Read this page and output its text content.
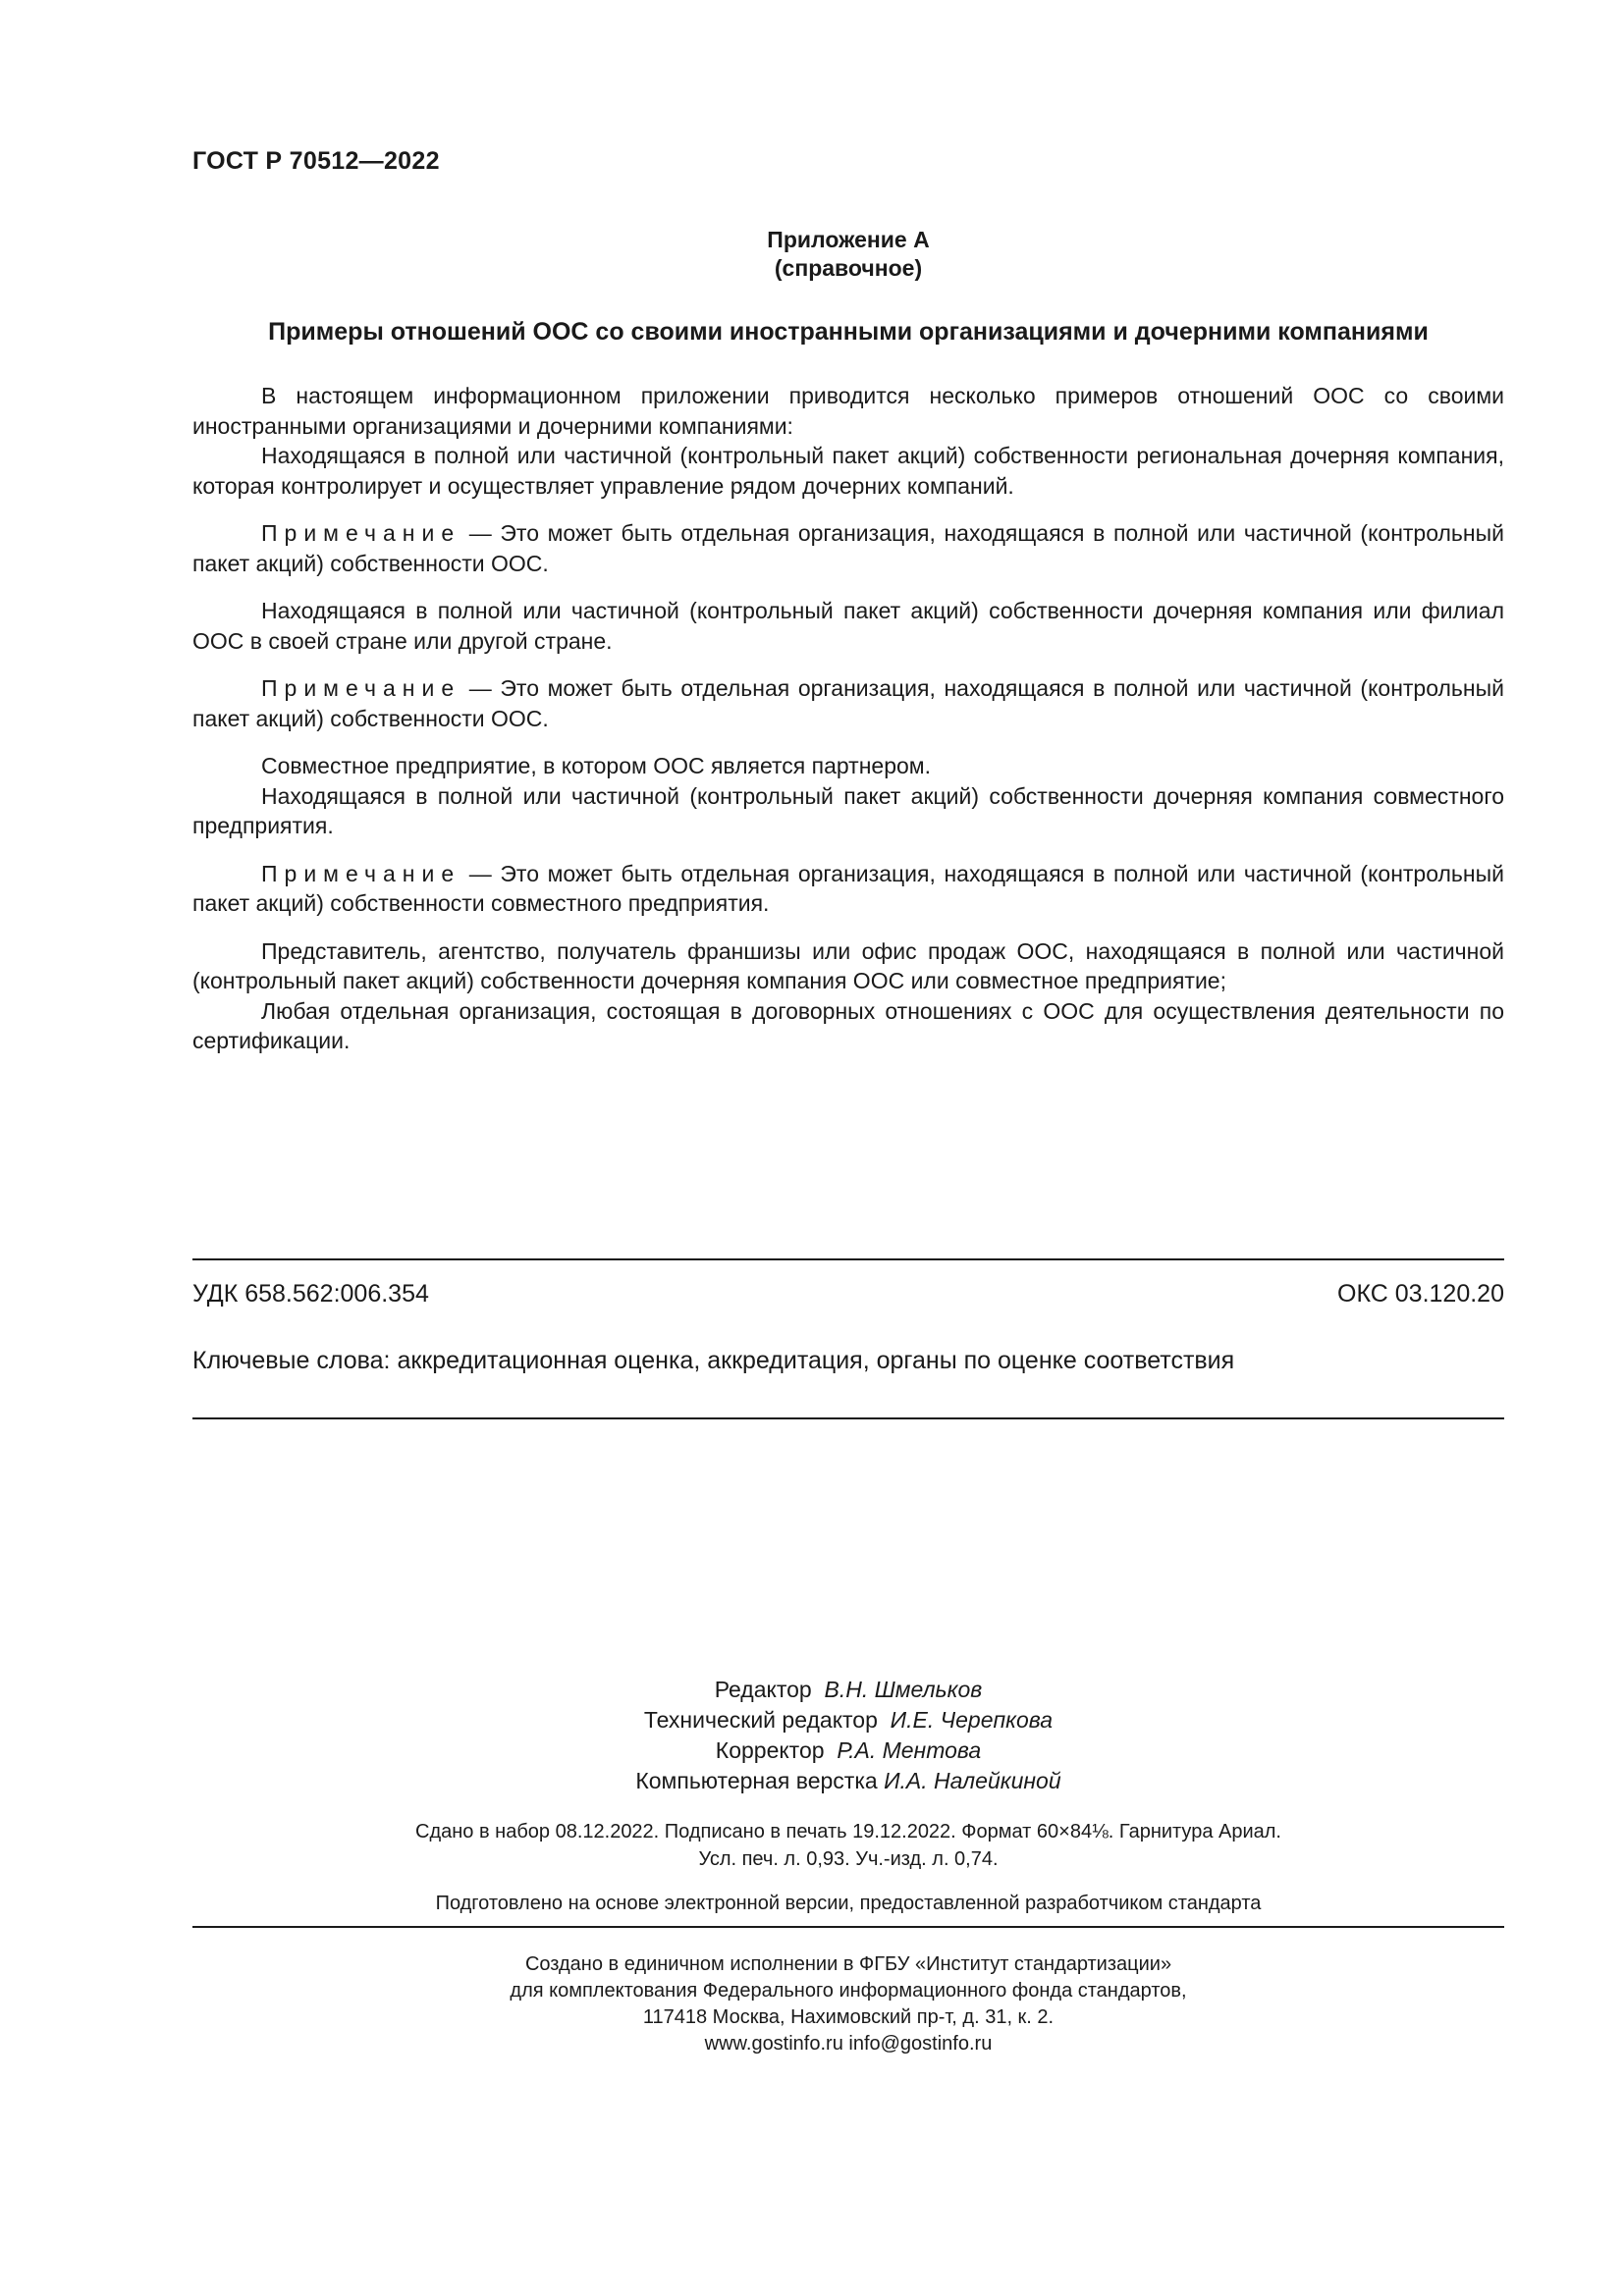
ГОСТ Р 70512—2022
Приложение А
(справочное)
Примеры отношений ООС со своими иностранными организациями и дочерними компаниями

В настоящем информационном приложении приводится несколько примеров отношений ООС со своими иностранными организациями и дочерними компаниями:

Находящаяся в полной или частичной (контрольный пакет акций) собственности региональная дочерняя компания, которая контролирует и осуществляет управление рядом дочерних компаний.

Примечание — Это может быть отдельная организация, находящаяся в полной или частичной (контрольный пакет акций) собственности ООС.

Находящаяся в полной или частичной (контрольный пакет акций) собственности дочерняя компания или филиал ООС в своей стране или другой стране.

Примечание — Это может быть отдельная организация, находящаяся в полной или частичной (контрольный пакет акций) собственности ООС.

Совместное предприятие, в котором ООС является партнером.

Находящаяся в полной или частичной (контрольный пакет акций) собственности дочерняя компания совместного предприятия.

Примечание — Это может быть отдельная организация, находящаяся в полной или частичной (контрольный пакет акций) собственности совместного предприятия.

Представитель, агентство, получатель франшизы или офис продаж ООС, находящаяся в полной или частичной (контрольный пакет акций) собственности дочерняя компания ООС или совместное предприятие;

Любая отдельная организация, состоящая в договорных отношениях с ООС для осуществления деятельности по сертификации.

УДК 658.562:006.354	ОКС 03.120.20
Ключевые слова: аккредитационная оценка, аккредитация, органы по оценке соответствия
Редактор В.Н. Шмельков
Технический редактор И.Е. Черепкова
Корректор Р.А. Ментова
Компьютерная верстка И.А. Налейкиной
Сдано в набор 08.12.2022. Подписано в печать 19.12.2022. Формат 60×84⅛. Гарнитура Ариал.
Усл. печ. л. 0,93. Уч.-изд. л. 0,74.
Подготовлено на основе электронной версии, предоставленной разработчиком стандарта
Создано в единичном исполнении в ФГБУ «Институт стандартизации»
для комплектования Федерального информационного фонда стандартов,
117418 Москва, Нахимовский пр-т, д. 31, к. 2.
www.gostinfo.ru info@gostinfo.ru
